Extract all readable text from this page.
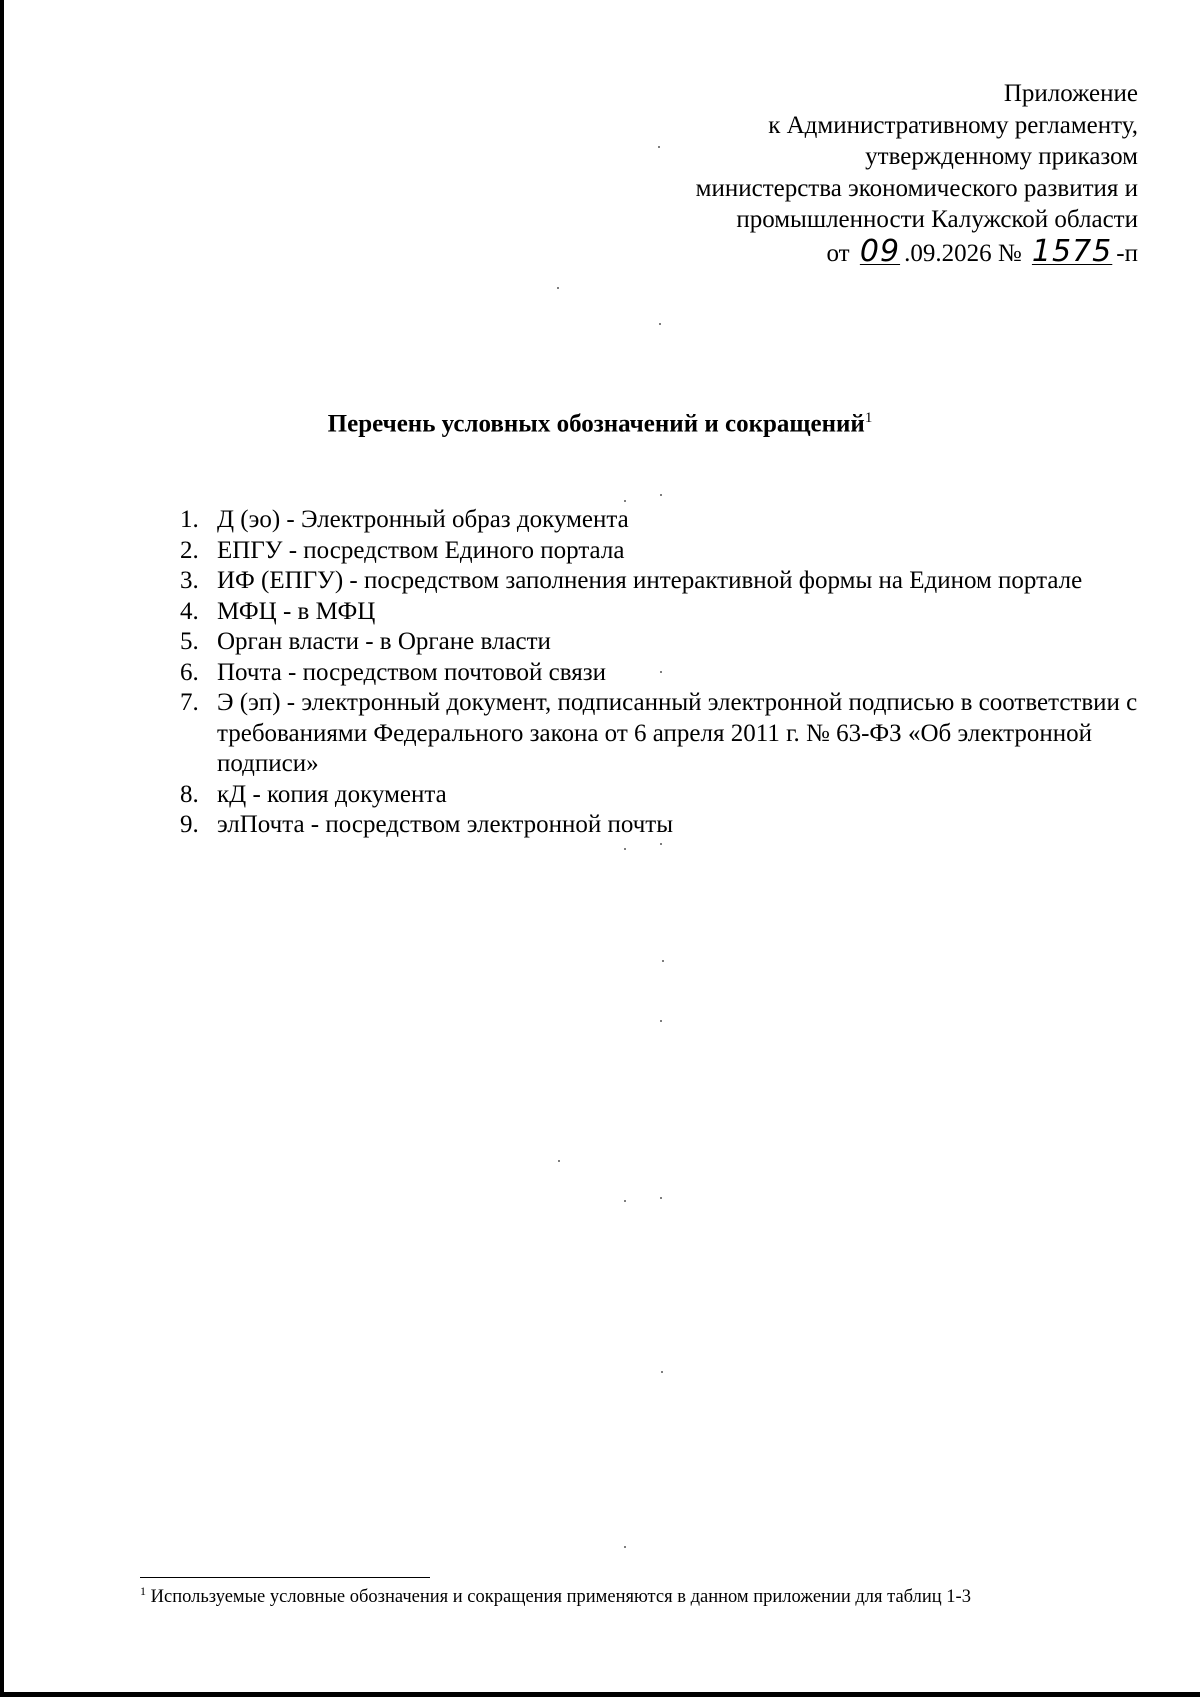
Приложение
к Административному регламенту,
утвержденному приказом
министерства экономического развития и
промышленности Калужской области
от 09 .09.2026 № 1575 -п
Перечень условных обозначений и сокращений$^1$
1. Д (эо) - Электронный образ документа
2. ЕПГУ - посредством Единого портала
3. ИФ (ЕПГУ) - посредством заполнения интерактивной формы на Едином портале
4. МФЦ - в МФЦ
5. Орган власти - в Органе власти
6. Почта - посредством почтовой связи
7. Э (эп) - электронный документ, подписанный электронной подписью в соответствии с требованиями Федерального закона от 6 апреля 2011 г. № 63-ФЗ «Об электронной подписи»
8. кД - копия документа
9. элПочта - посредством электронной почты
$^1$ Используемые условные обозначения и сокращения применяются в данном приложении для таблиц 1-3
